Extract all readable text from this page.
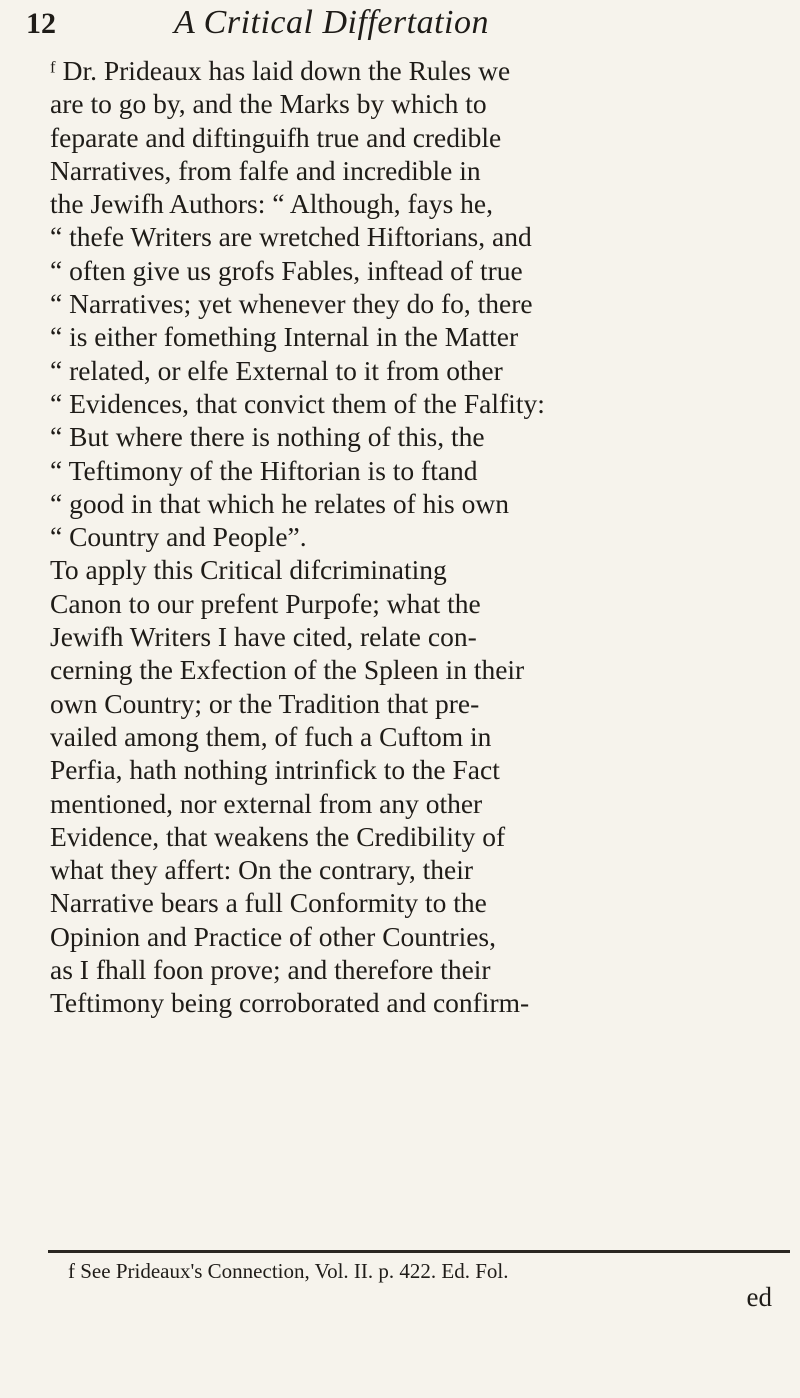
12	A Critical Differtation
ᶠ Dr. Prideaux has laid down the Rules we
are to go by, and the Marks by which to
feparate and diftinguifh true and credible
Narratives, from falfe and incredible in
the Jewifh Authors: “ Although, fays he,
“ thefe Writers are wretched Hiftorians, and
“ often give us grofs Fables, inftead of true
“ Narratives; yet whenever they do fo, there
“ is either fomething Internal in the Matter
“ related, or elfe External to it from other
“ Evidences, that convict them of the Falfity:
“ But where there is nothing of this, the
“ Teftimony of the Hiftorian is to ftand
“ good in that which he relates of his own
“ Country and People”.
To apply this Critical difcriminating
Canon to our prefent Purpofe; what the
Jewifh Writers I have cited, relate con-
cerning the Exfection of the Spleen in their
own Country; or the Tradition that pre-
vailed among them, of fuch a Cuftom in
Perfia, hath nothing intrinfick to the Fact
mentioned, nor external from any other
Evidence, that weakens the Credibility of
what they affert: On the contrary, their
Narrative bears a full Conformity to the
Opinion and Practice of other Countries,
as I fhall foon prove; and therefore their
Teftimony being corroborated and confirm-
f See Prideaux's Connection, Vol. II. p. 422. Ed. Fol.
ed
